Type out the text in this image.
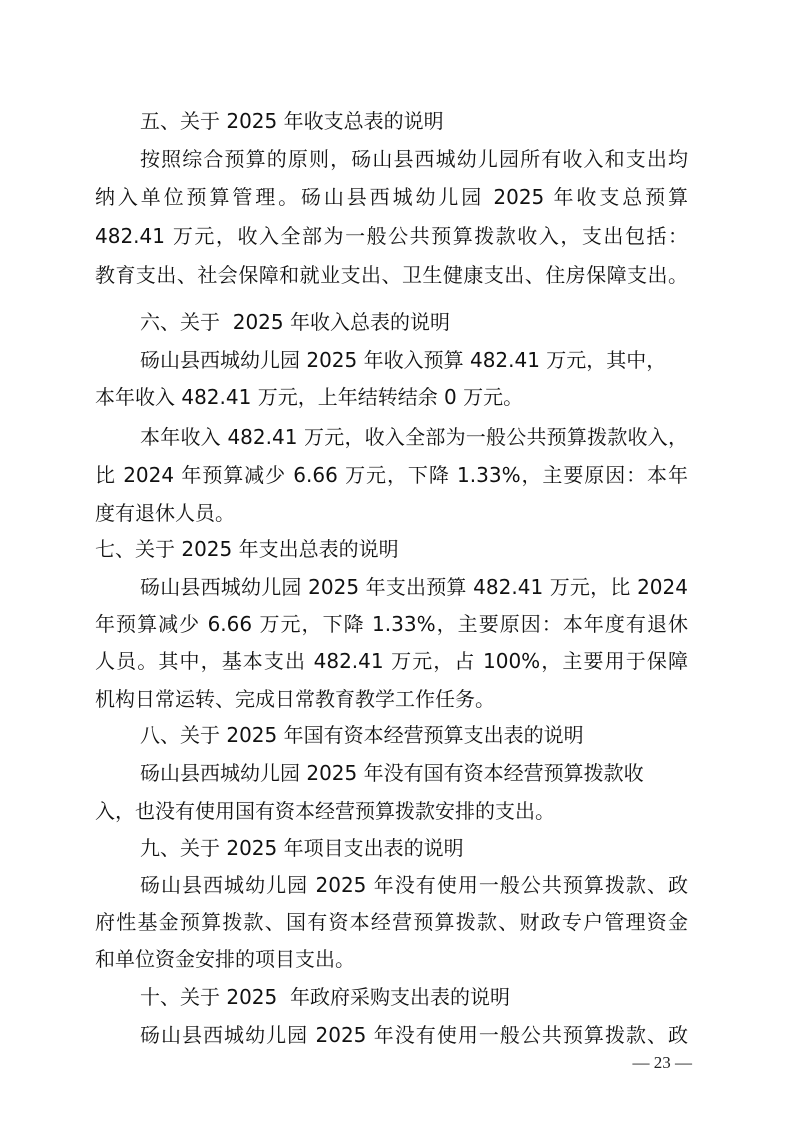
五、关于 2025 年收支总表的说明
按照综合预算的原则，砀山县西城幼儿园所有收入和支出均
纳入单位预算管理。砀山县西城幼儿园 2025 年收支总预算
482.41 万元，收入全部为一般公共预算拨款收入，支出包括：
教育支出、社会保障和就业支出、卫生健康支出、住房保障支出。
六、关于  2025 年收入总表的说明
砀山县西城幼儿园 2025 年收入预算 482.41 万元，其中，
本年收入 482.41 万元，上年结转结余 0 万元。
本年收入 482.41 万元，收入全部为一般公共预算拨款收入，
比 2024 年预算减少 6.66 万元，下降 1.33%，主要原因：本年
度有退休人员。
七、关于 2025 年支出总表的说明
砀山县西城幼儿园 2025 年支出预算 482.41 万元，比 2024
年预算减少 6.66 万元，下降 1.33%，主要原因：本年度有退休
人员。其中，基本支出 482.41 万元，占 100%，主要用于保障
机构日常运转、完成日常教育教学工作任务。
八、关于 2025 年国有资本经营预算支出表的说明
砀山县西城幼儿园 2025 年没有国有资本经营预算拨款收
入，也没有使用国有资本经营预算拨款安排的支出。
九、关于 2025 年项目支出表的说明
砀山县西城幼儿园 2025 年没有使用一般公共预算拨款、政
府性基金预算拨款、国有资本经营预算拨款、财政专户管理资金
和单位资金安排的项目支出。
十、关于 2025  年政府采购支出表的说明
砀山县西城幼儿园 2025 年没有使用一般公共预算拨款、政
— 23 —
